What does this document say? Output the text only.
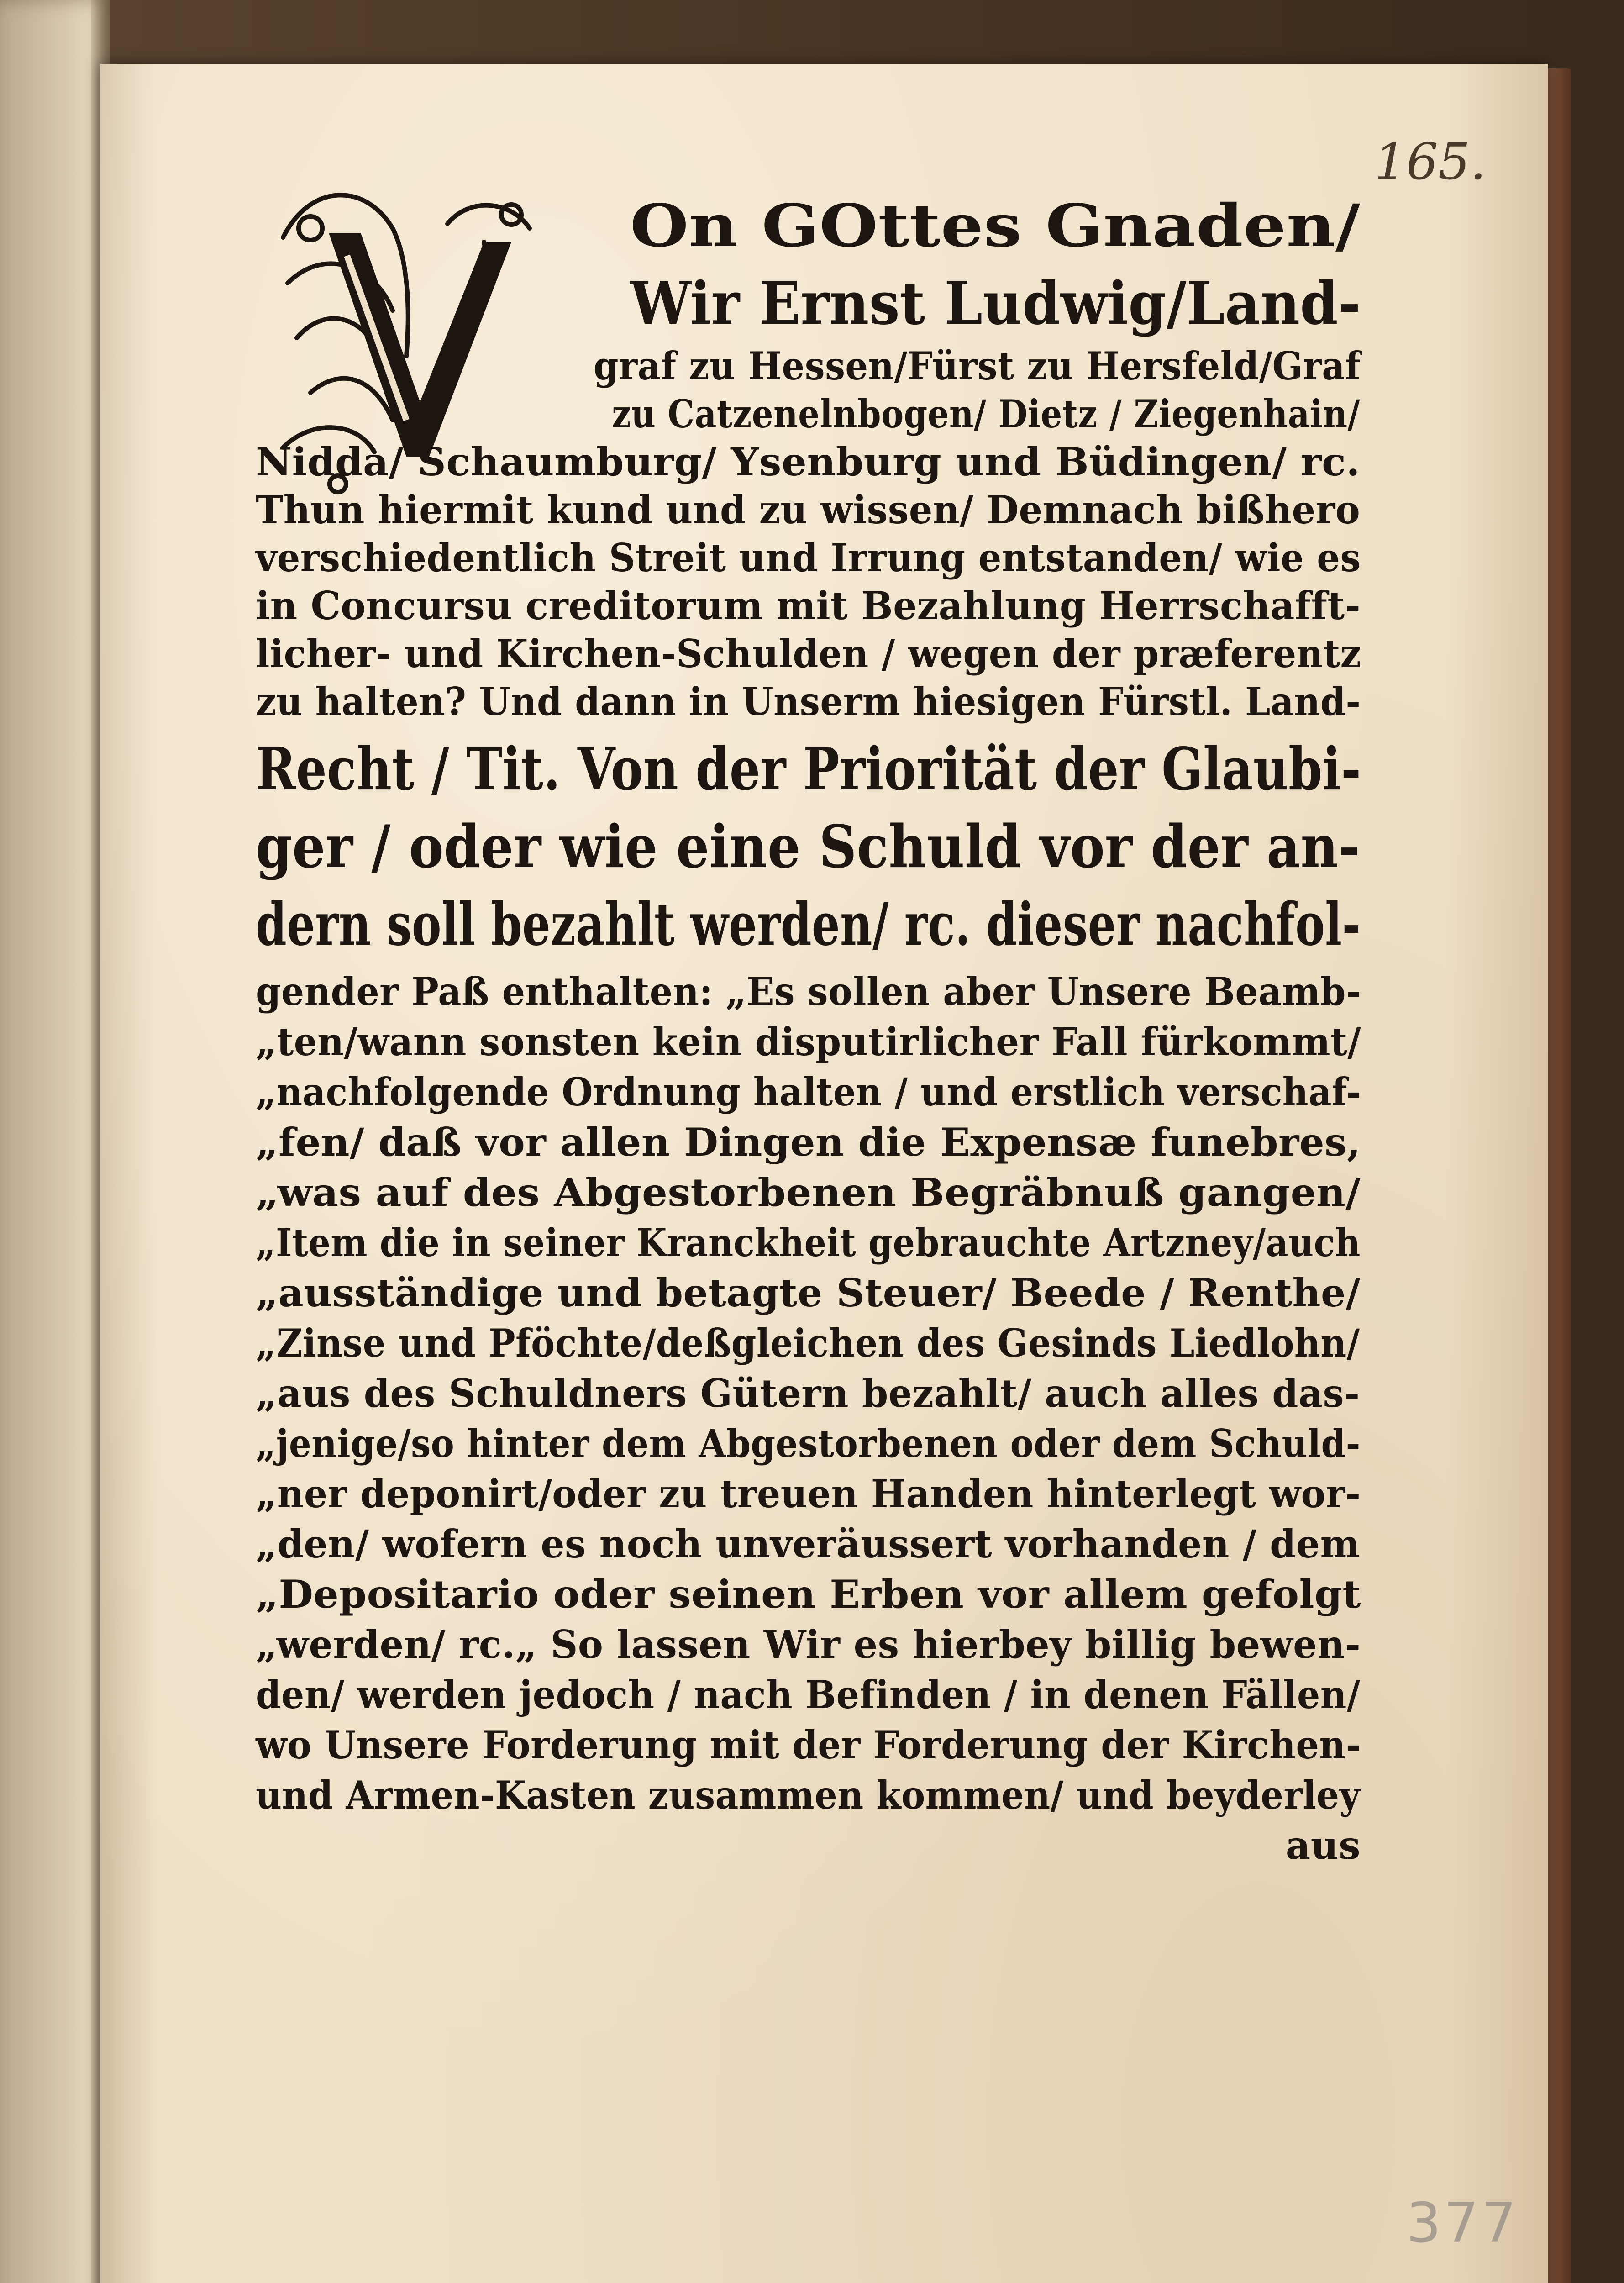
165.
On GOttes Gnaden/
Wir Ernst Ludwig/Land-
graf zu Hessen/Fürst zu Hersfeld/Graf
zu Catzenelnbogen/ Dietz / Ziegenhain/
Nidda/ Schaumburg/ Ysenburg und Büdingen/ rc.
Thun hiermit kund und zu wissen/ Demnach bißhero
verschiedentlich Streit und Irrung entstanden/ wie es
in Concursu creditorum mit Bezahlung Herrschafft-
licher- und Kirchen-Schulden / wegen der præferentz
zu halten? Und dann in Unserm hiesigen Fürstl. Land-
Recht / Tit. Von der Priorität der Glaubi-
ger / oder wie eine Schuld vor der an-
dern soll bezahlt werden/ rc. dieser nachfol-
gender Paß enthalten: „Es sollen aber Unsere Beamb-
„ten/wann sonsten kein disputirlicher Fall fürkommt/
„nachfolgende Ordnung halten / und erstlich verschaf-
„fen/ daß vor allen Dingen die Expensæ funebres,
„was auf des Abgestorbenen Begräbnuß gangen/
„Item die in seiner Kranckheit gebrauchte Artzney/auch
„ausständige und betagte Steuer/ Beede / Renthe/
„Zinse und Pföchte/deßgleichen des Gesinds Liedlohn/
„aus des Schuldners Gütern bezahlt/ auch alles das-
„jenige/so hinter dem Abgestorbenen oder dem Schuld-
„ner deponirt/oder zu treuen Handen hinterlegt wor-
„den/ wofern es noch unveräussert vorhanden / dem
„Depositario oder seinen Erben vor allem gefolgt
„werden/ rc.„ So lassen Wir es hierbey billig bewen-
den/ werden jedoch / nach Befinden / in denen Fällen/
wo Unsere Forderung mit der Forderung der Kirchen-
und Armen-Kasten zusammen kommen/ und beyderley
aus
377
